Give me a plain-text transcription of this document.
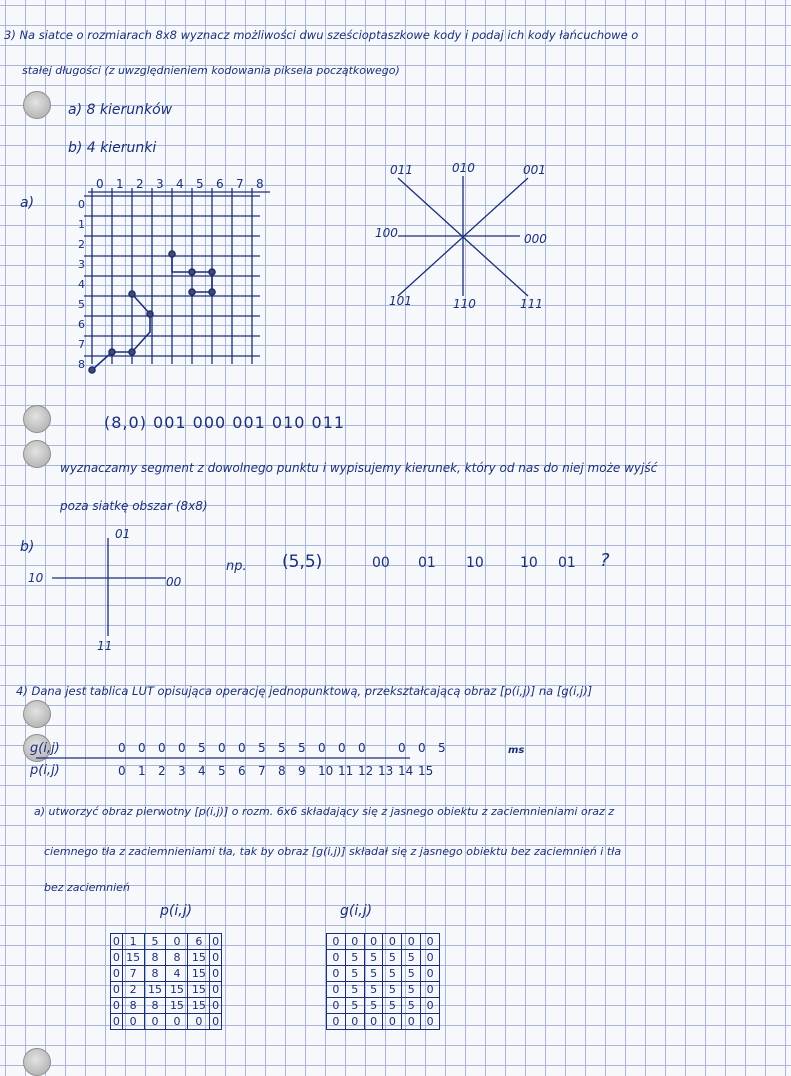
3) Na siatce o rozmiarach 8x8 wyznacz możliwości dwu sześcioptaszkowe kody i podaj ich kody łańcuchowe o
stałej długości (z uwzględnieniem kodowania piksela początkowego)
a) 8 kierunków
b) 4 kierunki
a)
0 1 2 3 4 5 6 7 8
0
1
2
3
4
5
6
7
8
011	010	001
100	000
101	110	111
(8,0) 001 000 001 010 011
wyznaczamy segment z dowolnego punktu i wypisujemy kierunek, który od nas do niej może wyjść
poza siatkę obszar (8x8)
b)
01
10	00
11
np. (5,5)	00 01 10	10 01 ?
4) Dana jest tablica LUT opisująca operację jednopunktową, przekształcającą obraz [p(i,j)] na [g(i,j)]
g(i,j)
p(i,j)
0 0 0 0 5 0 0 5 5 5 0 0 0	0 0 5
0 1 2 3 4 5 6 7 8 9 10 11 12 13 14 15
ms
a) utworzyć obraz pierwotny [p(i,j)] o rozm. 6x6 składający się z jasnego obiektu z zaciemnieniami oraz z
ciemnego tła z zaciemnieniami tła, tak by obraz [g(i,j)] składał się z jasnego obiektu bez zaciemnień i tła
bez zaciemnień
p(i,j)	g(i,j)
0	1	5	0	6	0
0	15	8	8	15	0
0	7	8	4	15	0
0	2	15	15	15	0
0	8	8	15	15	0
0	0	0	0	0	0
0	0	0	0	0	0
0	5	5	5	5	0
0	5	5	5	5	0
0	5	5	5	5	0
0	5	5	5	5	0
0	0	0	0	0	0
